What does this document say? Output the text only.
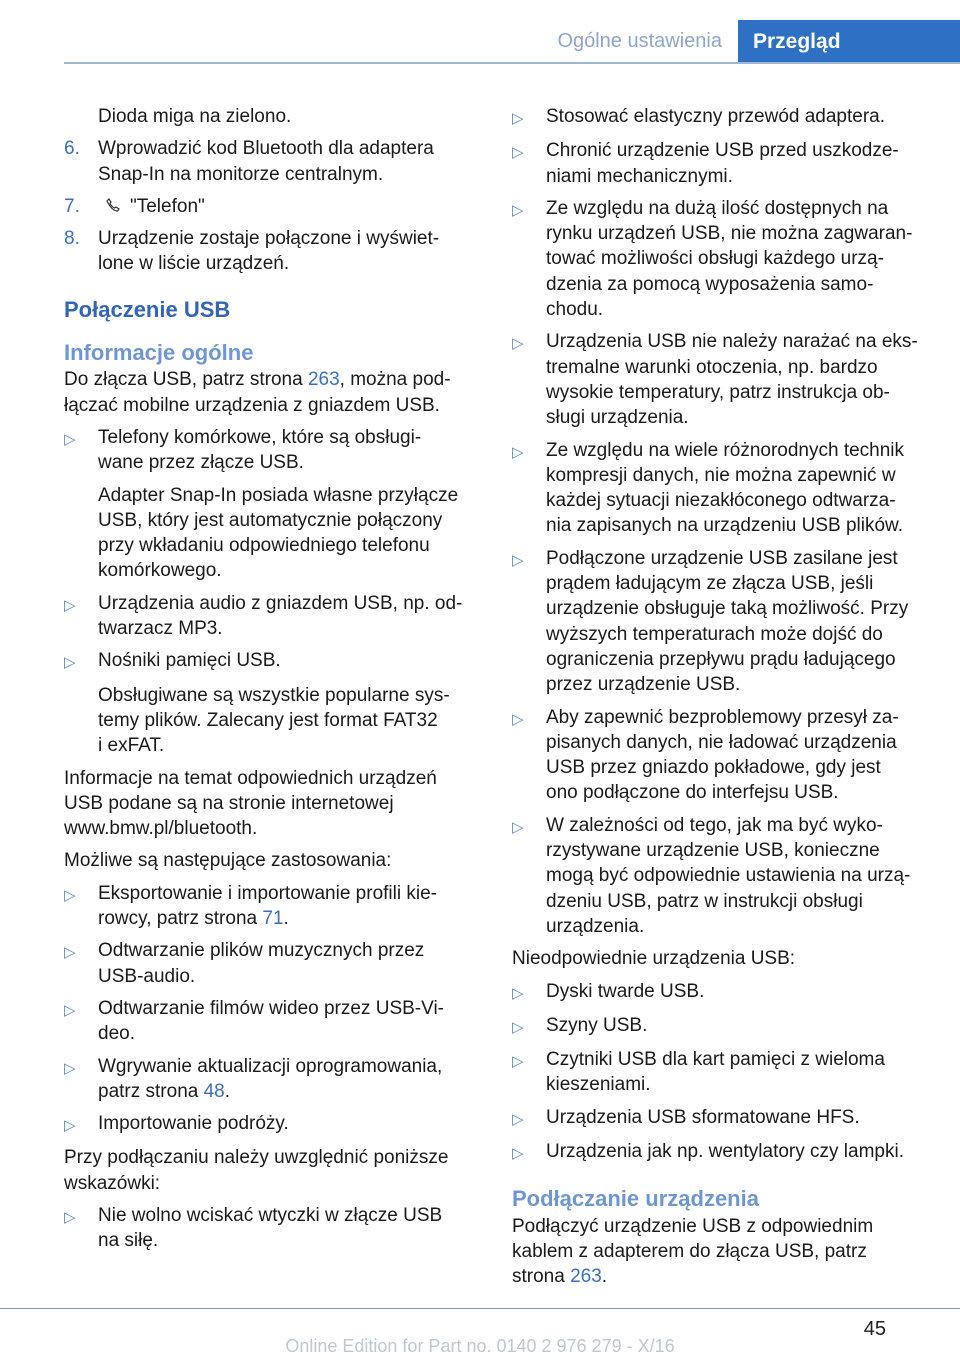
Ogólne ustawienia Przegląd
Dioda miga na zielono.
6. Wprowadzić kod Bluetooth dla adaptera
Snap-In na monitorze centralnym.
7.	"Telefon"
8. Urządzenie zostaje połączone i wyświet-
lone w liście urządzeń.
Połączenie USB
Informacje ogólne
Do złącza USB, patrz strona 263, można pod-
łączać mobilne urządzenia z gniazdem USB.
▷	Telefony komórkowe, które są obsługi-
wane przez złącze USB.
Adapter Snap-In posiada własne przyłącze
USB, który jest automatycznie połączony
przy wkładaniu odpowiedniego telefonu
komórkowego.
▷	Urządzenia audio z gniazdem USB, np. od-
twarzacz MP3.
▷	Nośniki pamięci USB.
Obsługiwane są wszystkie popularne sys-
temy plików. Zalecany jest format FAT32
i exFAT.
Informacje na temat odpowiednich urządzeń
USB podane są na stronie internetowej
www.bmw.pl/bluetooth.
Możliwe są następujące zastosowania:
▷	Eksportowanie i importowanie profili kie-
rowcy, patrz strona 71.
▷	Odtwarzanie plików muzycznych przez
USB-audio.
▷	Odtwarzanie filmów wideo przez USB-Vi-
deo.
▷	Wgrywanie aktualizacji oprogramowania,
patrz strona 48.
▷	Importowanie podróży.
Przy podłączaniu należy uwzględnić poniższe
wskazówki:
▷	Nie wolno wciskać wtyczki w złącze USB
na siłę.
▷	Stosować elastyczny przewód adaptera.
▷	Chronić urządzenie USB przed uszkodze-
niami mechanicznymi.
▷	Ze względu na dużą ilość dostępnych na
rynku urządzeń USB, nie można zagwaran-
tować możliwości obsługi każdego urzą-
dzenia za pomocą wyposażenia samo-
chodu.
▷	Urządzenia USB nie należy narażać na eks-
tremalne warunki otoczenia, np. bardzo
wysokie temperatury, patrz instrukcja ob-
sługi urządzenia.
▷	Ze względu na wiele różnorodnych technik
kompresji danych, nie można zapewnić w
każdej sytuacji niezakłóconego odtwarza-
nia zapisanych na urządzeniu USB plików.
▷	Podłączone urządzenie USB zasilane jest
prądem ładującym ze złącza USB, jeśli
urządzenie obsługuje taką możliwość. Przy
wyższych temperaturach może dojść do
ograniczenia przepływu prądu ładującego
przez urządzenie USB.
▷	Aby zapewnić bezproblemowy przesył za-
pisanych danych, nie ładować urządzenia
USB przez gniazdo pokładowe, gdy jest
ono podłączone do interfejsu USB.
▷	W zależności od tego, jak ma być wyko-
rzystywane urządzenie USB, konieczne
mogą być odpowiednie ustawienia na urzą-
dzeniu USB, patrz w instrukcji obsługi
urządzenia.
Nieodpowiednie urządzenia USB:
▷	Dyski twarde USB.
▷	Szyny USB.
▷	Czytniki USB dla kart pamięci z wieloma
kieszeniami.
▷	Urządzenia USB sformatowane HFS.
▷	Urządzenia jak np. wentylatory czy lampki.
Podłączanie urządzenia
Podłączyć urządzenie USB z odpowiednim
kablem z adapterem do złącza USB, patrz
strona 263.
45
Online Edition for Part no. 0140 2 976 279 - X/16
